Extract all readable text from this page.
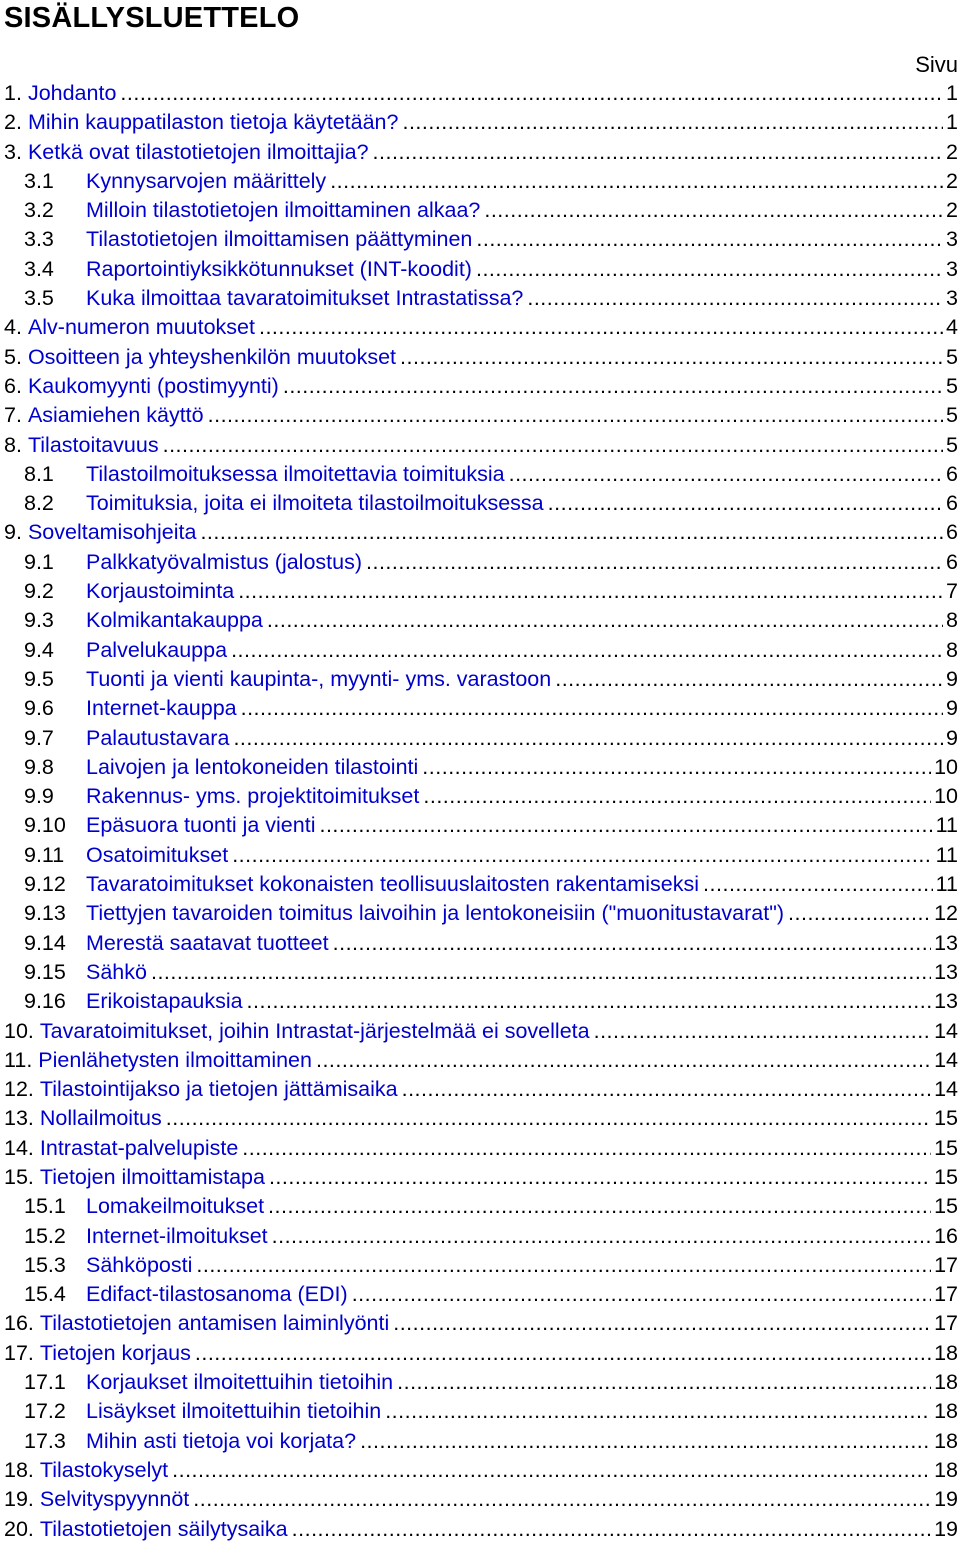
SISÄLLYSLUETTELO
Sivu
1. Johdanto .....	1
2. Mihin kauppatilaston tietoja käytetään? .....	1
3. Ketkä ovat tilastotietojen ilmoittajia? .....	2
3.1	Kynnysarvojen määrittely .....	2
3.2	Milloin tilastotietojen ilmoittaminen alkaa? .....	2
3.3	Tilastotietojen ilmoittamisen päättyminen .....	3
3.4	Raportointiyksikkötunnukset (INT-koodit) .....	3
3.5	Kuka ilmoittaa tavaratoimitukset Intrastatissa? .....	3
4. Alv-numeron muutokset .....	4
5. Osoitteen ja yhteyshenkilön muutokset .....	5
6. Kaukomyynti (postimyynti) .....	5
7. Asiamiehen käyttö .....	5
8. Tilastoitavuus .....	5
8.1	Tilastoilmoituksessa ilmoitettavia toimituksia .....	6
8.2	Toimituksia, joita ei ilmoiteta tilastoilmoituksessa .....	6
9. Soveltamisohjeita .....	6
9.1	Palkkatyövalmistus (jalostus) .....	6
9.2	Korjaustoiminta .....	7
9.3	Kolmikantakauppa .....	8
9.4	Palvelukauppa .....	8
9.5	Tuonti ja vienti kaupinta-, myynti- yms. varastoon .....	9
9.6	Internet-kauppa .....	9
9.7	Palautustavara .....	9
9.8	Laivojen ja lentokoneiden tilastointi .....	10
9.9	Rakennus- yms. projektitoimitukset .....	10
9.10 Epäsuora tuonti ja vienti .....	11
9.11	Osatoimitukset .....	11
9.12 Tavaratoimitukset kokonaisten teollisuuslaitosten rakentamiseksi .....	11
9.13 Tiettyjen tavaroiden toimitus laivoihin ja lentokoneisiin ("muonitustavarat") .....	12
9.14 Merestä saatavat tuotteet .....	13
9.15 Sähkö .....	13
9.16 Erikoistapauksia .....	13
10. Tavaratoimitukset, joihin Intrastat-järjestelmää ei sovelleta .....	14
11. Pienlähetysten ilmoittaminen .....	14
12. Tilastointijakso ja tietojen jättämisaika .....	14
13. Nollailmoitus .....	15
14. Intrastat-palvelupiste .....	15
15. Tietojen ilmoittamistapa .....	15
15.1 Lomakeilmoitukset .....	15
15.2 Internet-ilmoitukset .....	16
15.3 Sähköposti .....	17
15.4 Edifact-tilastosanoma (EDI) .....	17
16. Tilastotietojen antamisen laiminlyönti .....	17
17. Tietojen korjaus .....	18
17.1 Korjaukset ilmoitettuihin tietoihin .....	18
17.2 Lisäykset ilmoitettuihin tietoihin .....	18
17.3 Mihin asti tietoja voi korjata? .....	18
18. Tilastokyselyt .....	18
19. Selvityspyynnöt .....	19
20. Tilastotietojen säilytysaika .....	19
